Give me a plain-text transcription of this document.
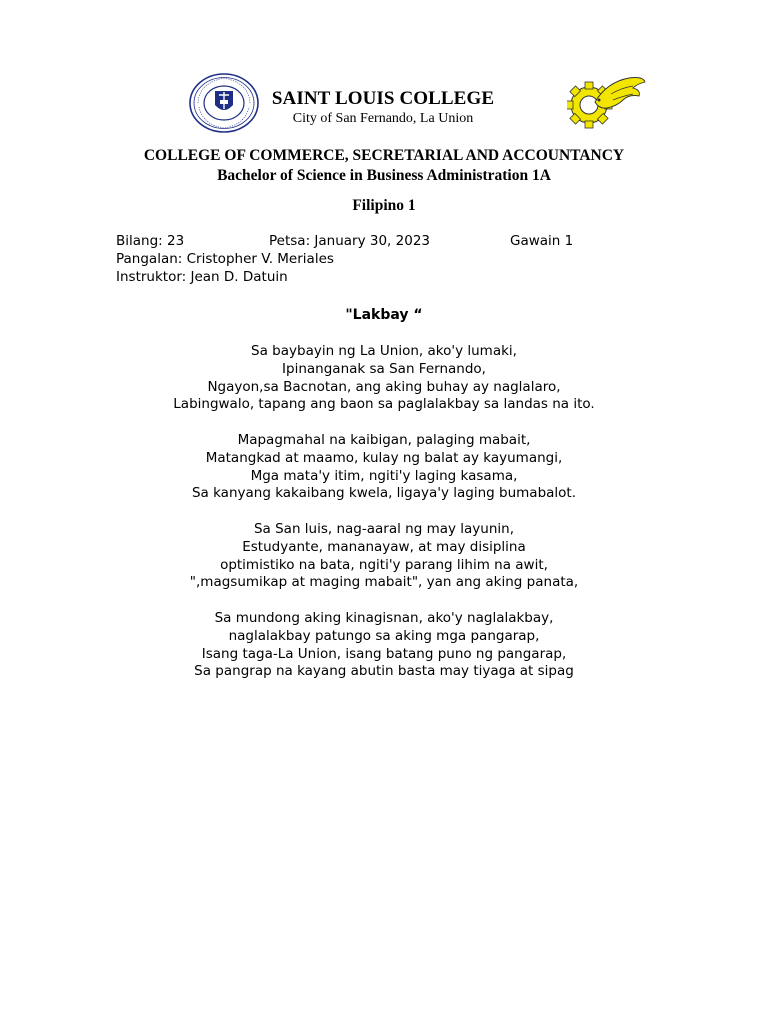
SAINT LOUIS COLLEGE
City of San Fernando, La Union
COLLEGE OF COMMERCE, SECRETARIAL AND ACCOUNTANCY
Bachelor of Science in Business Administration 1A
Filipino 1
Bilang: 23	Petsa: January 30, 2023	Gawain 1
Pangalan: Cristopher V. Meriales
Instruktor: Jean D. Datuin
"Lakbay “
Sa baybayin ng La Union, ako'y lumaki,
Ipinanganak sa San Fernando,
Ngayon,sa Bacnotan, ang aking buhay ay naglalaro,
Labingwalo, tapang ang baon sa paglalakbay sa landas na ito.
Mapagmahal na kaibigan, palaging mabait,
Matangkad at maamo, kulay ng balat ay kayumangi,
Mga mata'y itim, ngiti'y laging kasama,
Sa kanyang kakaibang kwela, ligaya'y laging bumabalot.
Sa San luis, nag-aaral ng may layunin,
Estudyante, mananayaw, at may disiplina
optimistiko na bata, ngiti'y parang lihim na awit,
",magsumikap at maging mabait", yan ang aking panata,
Sa mundong aking kinagisnan, ako'y naglalakbay,
naglalakbay patungo sa aking mga pangarap,
Isang taga-La Union, isang batang puno ng pangarap,
Sa pangrap na kayang abutin basta may tiyaga at sipag
